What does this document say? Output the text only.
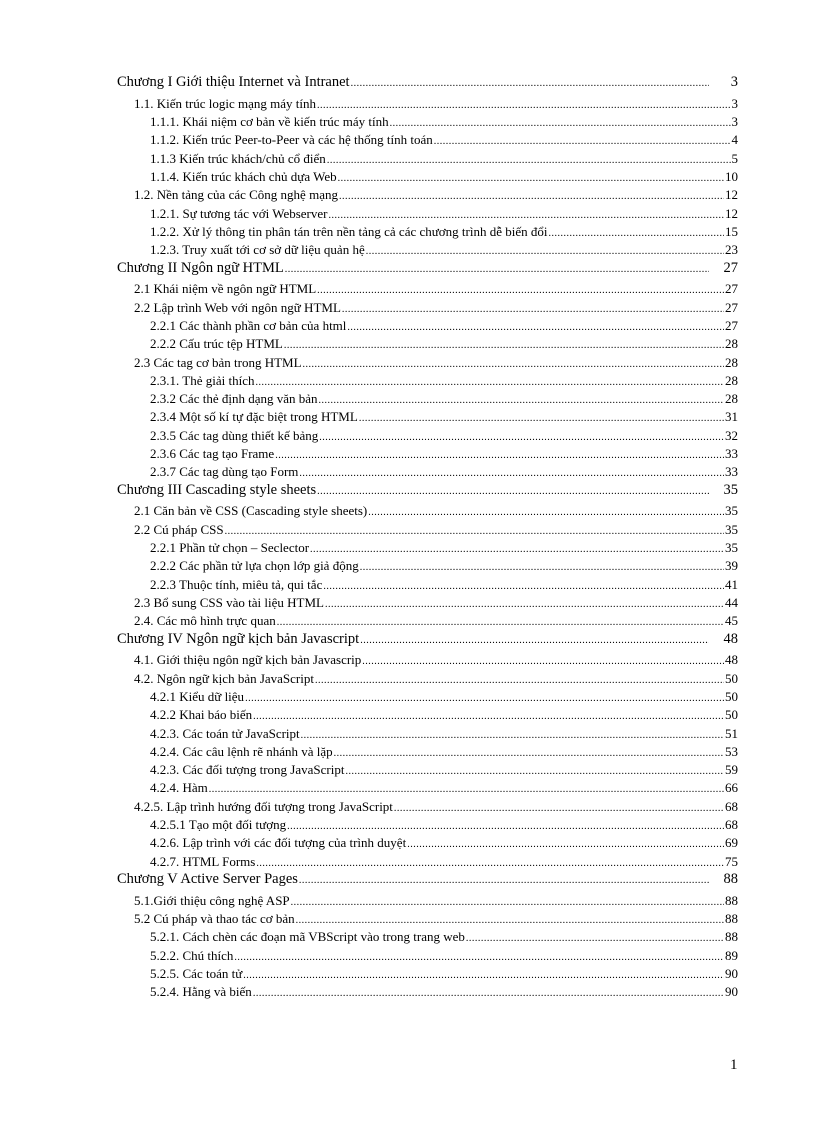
Chương I Giới thiệu Internet và Intranet .....	3
1.1. Kiến trúc logic mạng máy tính .....	3
1.1.1. Khái niệm cơ bản về kiến trúc máy tính .....	3
1.1.2. Kiến trúc Peer-to-Peer và các hệ thống tính toán .....	4
1.1.3 Kiến trúc khách/chủ cổ điển .....	5
1.1.4. Kiến trúc khách chủ dựa Web .....	10
1.2. Nền tảng của các Công nghệ mạng .....	12
1.2.1. Sự tương tác với Webserver .....	12
1.2.2. Xử lý thông tin phân tán trên nền tảng cả các chương trình dễ biến đổi .....	15
1.2.3. Truy xuất tới cơ sở dữ liệu quản hệ .....	23
Chương II Ngôn ngữ HTML .....	27
2.1 Khái niệm về ngôn ngữ HTML .....	27
2.2 Lập trình Web với ngôn ngữ HTML .....	27
2.2.1 Các thành phần cơ bản của html .....	27
2.2.2 Cấu trúc tệp HTML .....	28
2.3 Các tag cơ bản trong HTML .....	28
2.3.1. Thẻ giải thích .....	28
2.3.2 Các thẻ định dạng văn bản .....	28
2.3.4 Một số kí tự đặc biệt trong HTML .....	31
2.3.5 Các tag dùng thiết kế bảng .....	32
2.3.6 Các tag tạo Frame .....	33
2.3.7 Các tag dùng tạo Form .....	33
Chương III Cascading style sheets .....	35
2.1 Căn bản về CSS (Cascading style sheets) .....	35
2.2 Cú pháp CSS .....	35
2.2.1 Phần tử chọn – Seclector .....	35
2.2.2 Các phần tử lựa chọn lớp giả động .....	39
2.2.3 Thuộc tính, miêu tả, qui tắc .....	41
2.3 Bổ sung CSS vào tài liệu HTML .....	44
2.4. Các mô hình trực quan .....	45
Chương IV Ngôn ngữ kịch bản Javascript .....	48
4.1. Giới thiệu ngôn ngữ kịch bản Javascrip .....	48
4.2. Ngôn ngữ kịch bản JavaScript .....	50
4.2.1 Kiểu dữ liệu .....	50
4.2.2 Khai báo biến .....	50
4.2.3. Các toán tử JavaScript .....	51
4.2.4. Các câu lệnh rẽ nhánh và lặp .....	53
4.2.3. Các đối tượng trong JavaScript .....	59
4.2.4. Hàm .....	66
4.2.5. Lập trình hướng đối tượng trong JavaScript .....	68
4.2.5.1 Tạo một đối tượng .....	68
4.2.6. Lập trình với các đối tượng của trình duyệt .....	69
4.2.7. HTML Forms .....	75
Chương V Active Server Pages .....	88
5.1.Giới thiệu công nghệ ASP .....	88
5.2 Cú pháp và thao tác cơ bản .....	88
5.2.1. Cách chèn các đoạn mã VBScript vào trong trang web .....	88
5.2.2. Chú thích .....	89
5.2.5. Các toán tử .....	90
5.2.4. Hằng và biến .....	90
1
